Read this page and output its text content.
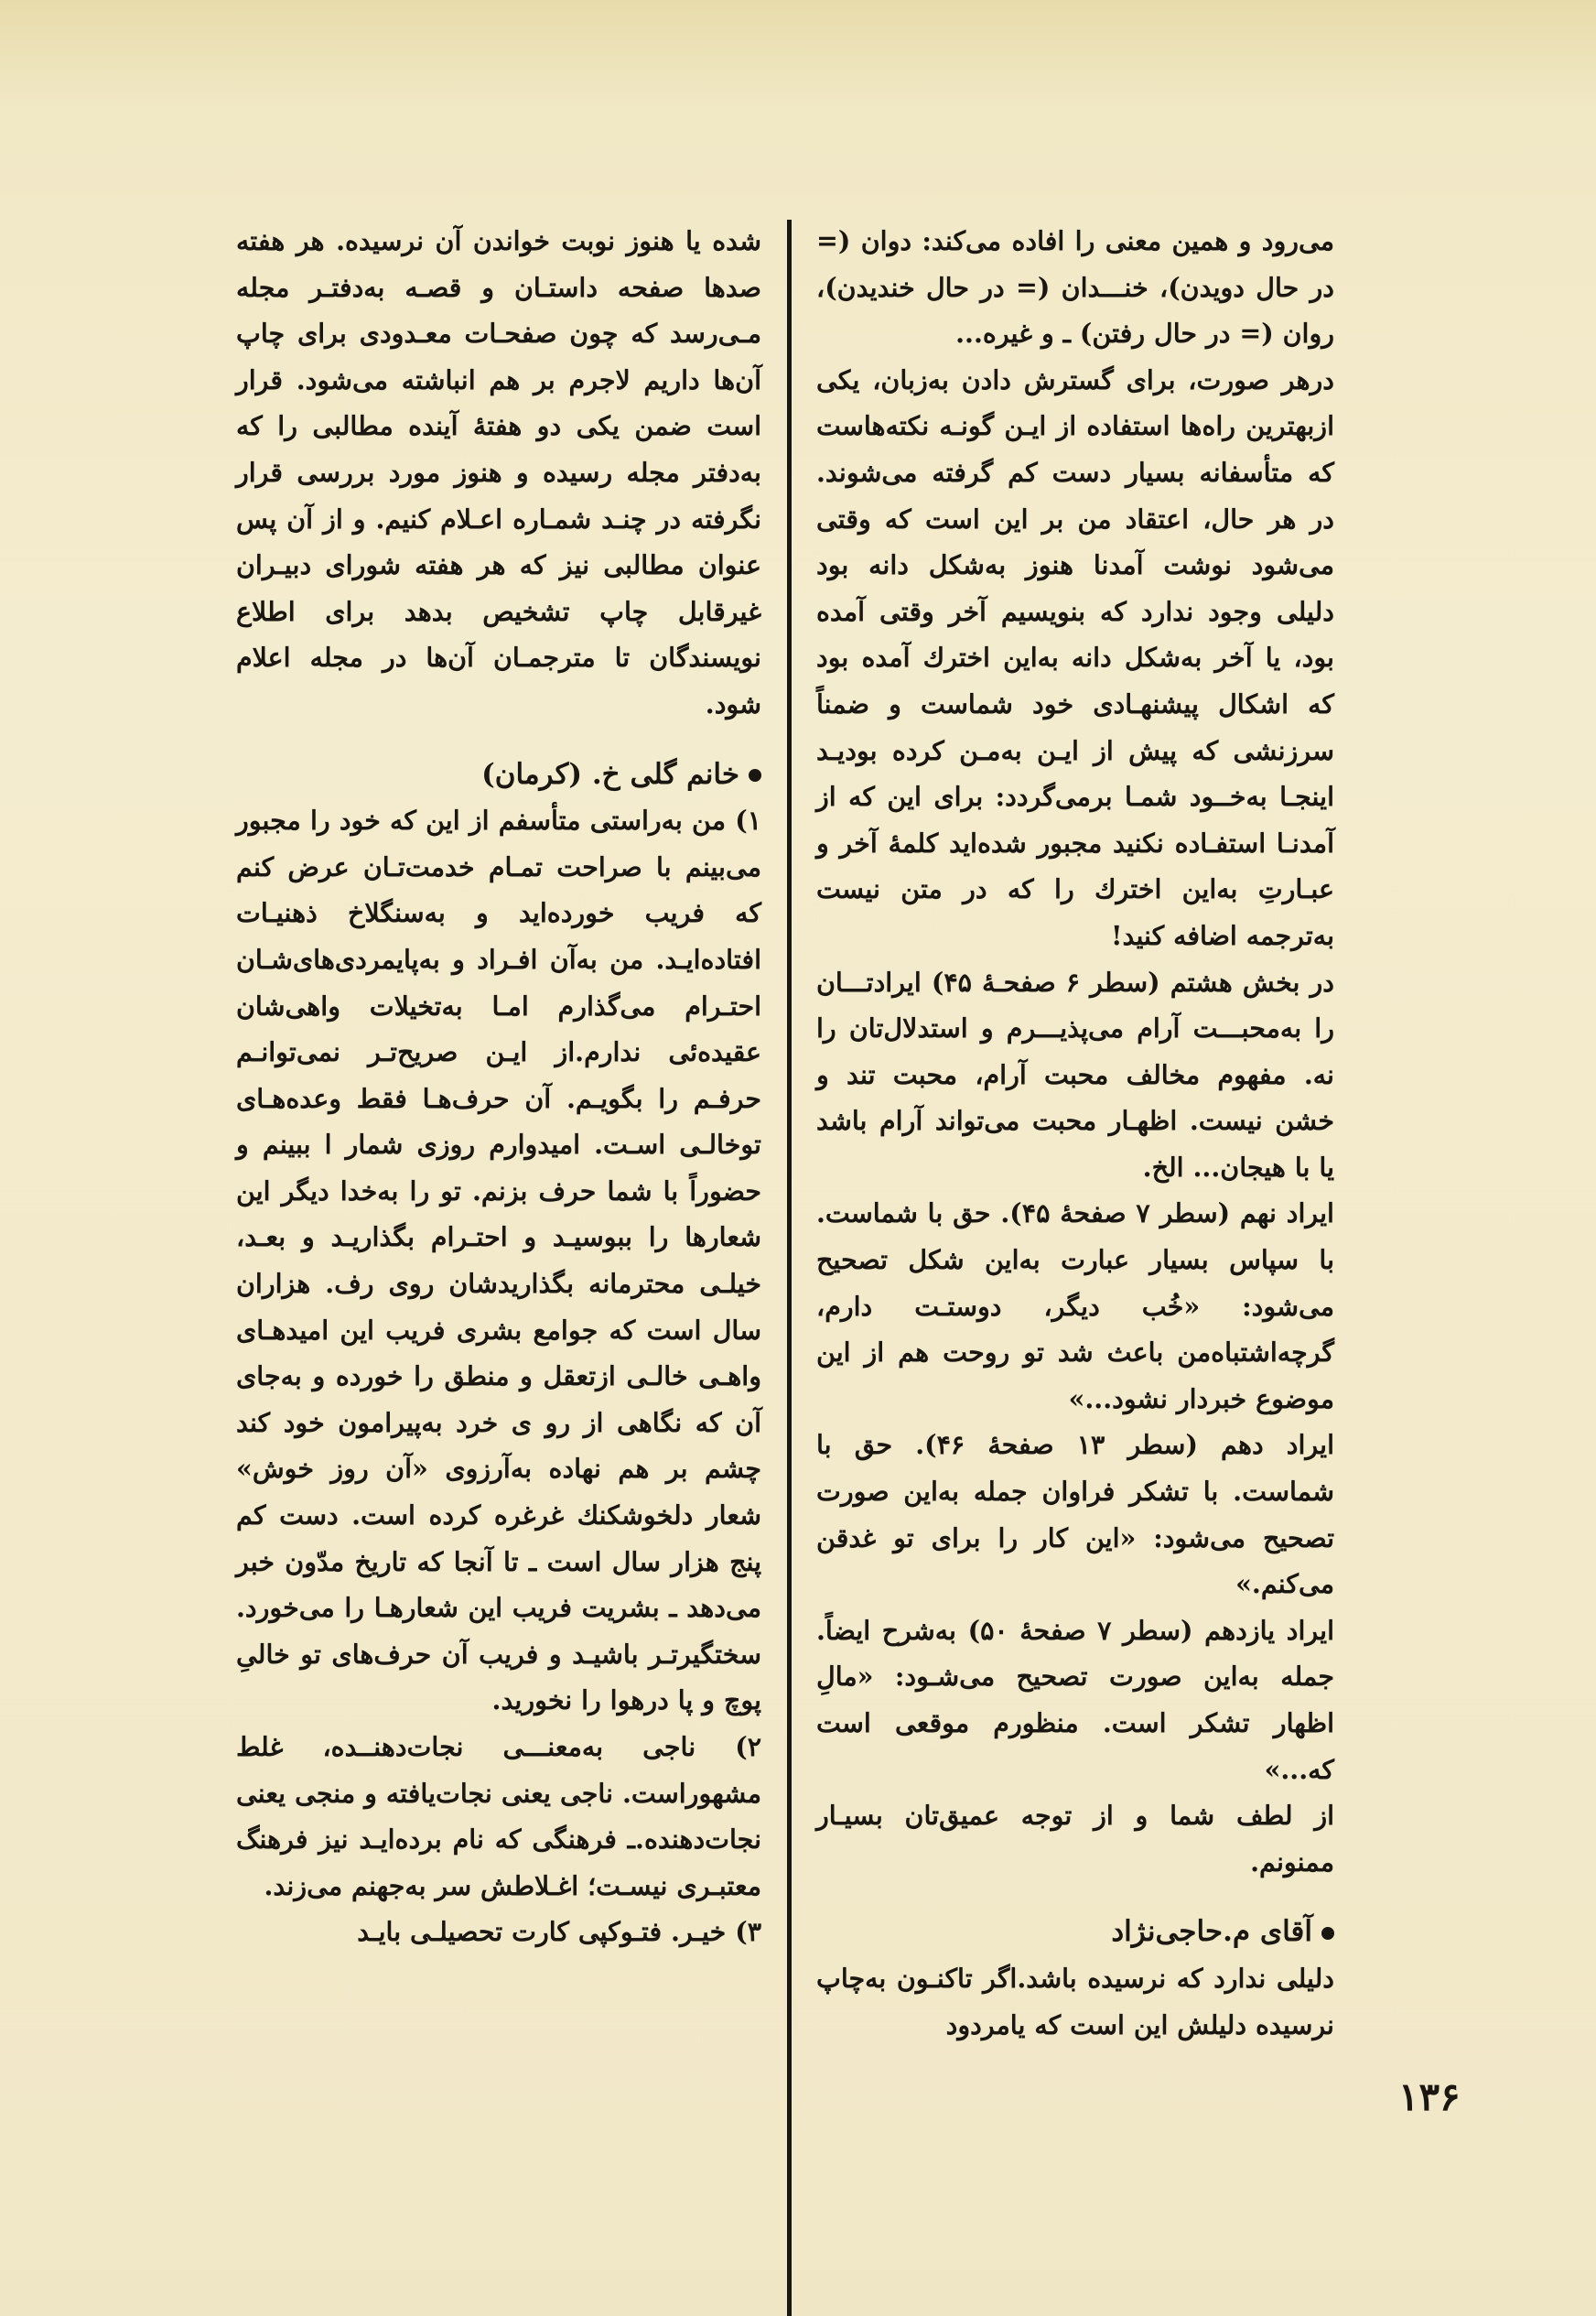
می‌رود و همین معنی را افاده می‌کند: دوان (= در حال دویدن)، خنـــدان (= در حال خندیدن)، روان (= در حال رفتن) ـ و غیره...

درهر صورت، برای گسترش دادن به‌زبان، یکی ازبهترین راه‌ها استفاده از ایـن گونـه نکته‌هاست که متأسفانه بسیار دست کم گرفته می‌شوند. در هر حال، اعتقاد من بر این است که وقتی می‌شود نوشت آمدنا هنوز به‌شکل دانه بود دلیلی وجود ندارد که بنویسیم آخر وقتی آمده بود، یا آخر به‌شکل دانه به‌این اخترك آمده بود که اشکال پیشنهـادی خود شماست و ضمناً سرزنشی که پیش از ایـن به‌مـن کرده بودیـد اینجـا به‌خــود شمـا برمی‌گردد: برای این که از آمدنـا استفـاده نکنید مجبور شده‌اید کلمهٔ آخر و عبـارتِ به‌این اخترك را که در متن نیست به‌ترجمه اضافه کنید!

در بخش هشتم (سطر ۶ صفحـهٔ ۴۵) ایرادتـــان را به‌محبـــت آرام می‌پذیـــرم و استدلال‌تان را نه. مفهوم مخالف محبت آرام، محبت تند و خشن نیست. اظهـار محبت می‌تواند آرام باشد یا با هیجان... الخ.

ایراد نهم (سطر ۷ صفحهٔ ۴۵). حق با شماست. با سپاس بسیار عبارت به‌این شکل تصحیح می‌شود: «خُب دیگر، دوستـت دارم، گرچه‌اشتباه‌من باعث شد تو روحت هم از این موضوع خبردار نشود...»

ایراد دهم (سطر ۱۳ صفحهٔ ۴۶). حق با شماست. با تشکر فراوان جمله به‌این صورت تصحیح می‌شود: «این کار را برای تو غدقن می‌کنم.»

ایراد یازدهم (سطر ۷ صفحهٔ ۵۰) به‌شرح ایضاً. جمله به‌این صورت تصحیح می‌شـود: «مالِ اظهار تشکر است. منظورم موقعی است که...»

از لطف شما و از توجه عمیق‌تان بسیـار ممنونم.

آقای م.حاجی‌نژاد

دلیلی ندارد که نرسیده باشد.اگر تاکنـون به‌چاپ نرسیده دلیلش این است که یامردود

شده یا هنوز نوبت خواندن آن نرسیده. هر هفته صدها صفحه داستـان و قصـه به‌دفتـر مجله مـی‌رسد که چون صفحـات معـدودی برای چاپ آن‌ها داریم لاجرم بر هم انباشته می‌شود. قرار است ضمن یکی دو هفتهٔ آینده مطالبی را که به‌دفتر مجله رسیده و هنوز مورد بررسی قرار نگرفته در چنـد شمـاره اعـلام کنیم. و از آن پس عنوان مطالبی نیز که هر هفته شورای دبیـران غیرقابل چاپ تشخیص بدهد برای اطلاع نویسندگان تا مترجمـان آن‌ها در مجله اعلام شود.

خانم گلی خ. (کرمان)

۱) من به‌راستی متأسفم از این که خود را مجبور می‌بینم با صراحت تمـام خدمت‌تـان عرض کنم که فریب خورده‌اید و به‌سنگلاخ ذهنیـات افتاده‌ایـد. من به‌آن افـراد و به‌پایمردی‌های‌شـان احتـرام می‌گذارم امـا به‌تخیلات واهی‌شان عقیده‌ئی ندارم.از ایـن صریح‌تـر نمی‌توانـم حرفـم را بگویـم. آن حرف‌هـا فقط وعده‌هـای توخالـی اسـت. امیدوارم روزی شمار ا ببینم و حضوراً با شما حرف بزنم. تو را به‌خدا دیگر این شعارها را ببوسیـد و احتـرام بگذاریـد و بعـد، خیلـی محترمانه بگذاریدشان روی رف. هزاران سال است که جوامع بشری فریب این امیدهـای واهـی خالـی ازتعقل و منطق را خورده و به‌جای آن که نگاهی از رو ی خرد به‌پیرامون خود کند چشم بر هم نهاده به‌آرزوی «آن روز خوش» شعار دلخوشکنك غرغره کرده است. دست کم پنج هزار سال است ـ تا آنجا که تاریخ مدّون خبر می‌دهد ـ بشریت فریب این شعارهـا را می‌خورد. سختگیرتـر باشیـد و فریب آن حرف‌های تو خالیِ پوچ و پا درهوا را نخورید.

۲) ناجی به‌معنـــی نجات‌دهنــده، غلط مشهوراست. ناجی یعنی نجات‌یافته و منجی یعنی نجات‌دهنده.ـ فرهنگی که نام برده‌ایـد نیز فرهنگ معتبـری نیسـت؛ اغـلاطش سر به‌جهنم می‌زند.

۳) خیـر. فتـوکپی کارت تحصیلـی بایـد

۱۳۶
